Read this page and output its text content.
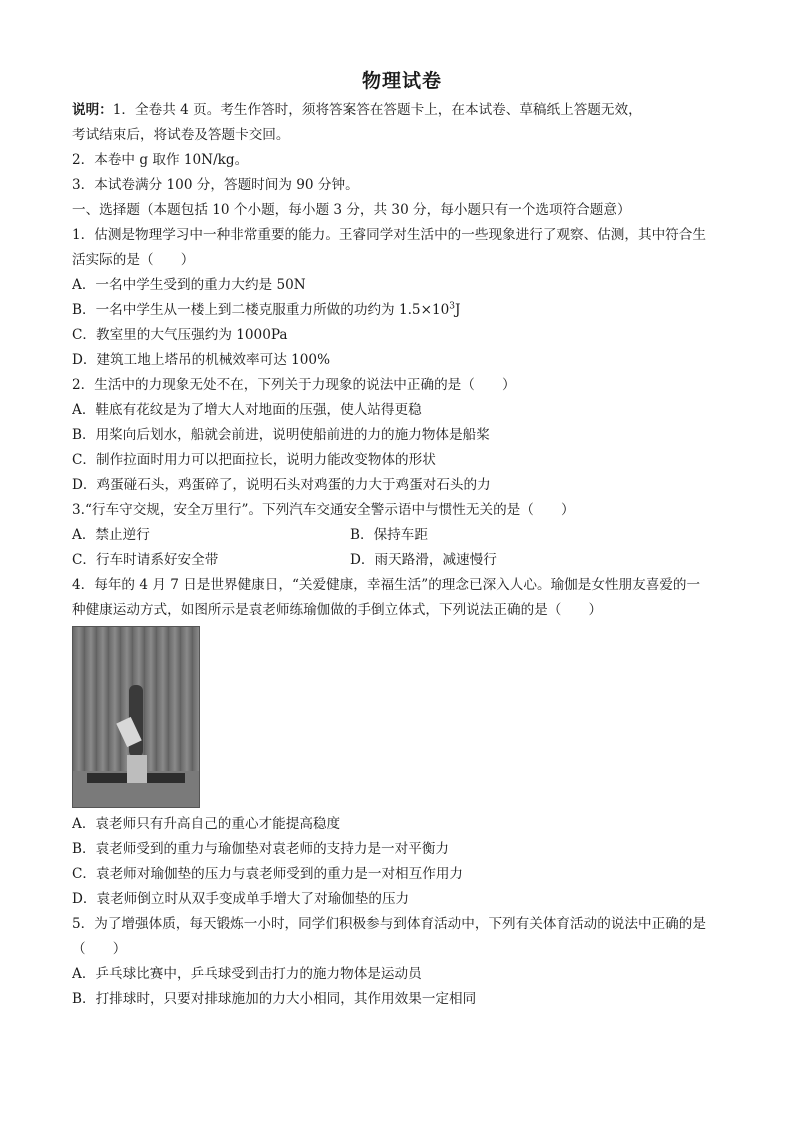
物理试卷
说明：1．全卷共 4 页。考生作答时，须将答案答在答题卡上，在本试卷、草稿纸上答题无效，
考试结束后，将试卷及答题卡交回。
2．本卷中 g 取作 10N/kg。
3．本试卷满分 100 分，答题时间为 90 分钟。
一、选择题（本题包括 10 个小题，每小题 3 分，共 30 分，每小题只有一个选项符合题意）
1．估测是物理学习中一种非常重要的能力。王睿同学对生活中的一些现象进行了观察、估测，其中符合生
活实际的是（　　）
A．一名中学生受到的重力大约是 50N
B．一名中学生从一楼上到二楼克服重力所做的功约为 $1.5\times 10^3J$
C．教室里的大气压强约为 1000Pa
D．建筑工地上塔吊的机械效率可达 100%
2．生活中的力现象无处不在，下列关于力现象的说法中正确的是（　　）
A．鞋底有花纹是为了增大人对地面的压强，使人站得更稳
B．用桨向后划水，船就会前进，说明使船前进的力的施力物体是船桨
C．制作拉面时用力可以把面拉长，说明力能改变物体的形状
D．鸡蛋碰石头，鸡蛋碎了，说明石头对鸡蛋的力大于鸡蛋对石头的力
3.“行车守交规，安全万里行”。下列汽车交通安全警示语中与惯性无关的是（　　）
A．禁止逆行	B．保持车距
C．行车时请系好安全带	D．雨天路滑，减速慢行
4．每年的 4 月 7 日是世界健康日，“关爱健康，幸福生活”的理念已深入人心。瑜伽是女性朋友喜爱的一
种健康运动方式，如图所示是袁老师练瑜伽做的手倒立体式，下列说法正确的是（　　）
A．袁老师只有升高自己的重心才能提高稳度
B．袁老师受到的重力与瑜伽垫对袁老师的支持力是一对平衡力
C．袁老师对瑜伽垫的压力与袁老师受到的重力是一对相互作用力
D．袁老师倒立时从双手变成单手增大了对瑜伽垫的压力
5．为了增强体质，每天锻炼一小时，同学们积极参与到体育活动中，下列有关体育活动的说法中正确的是
（　　）
A．乒乓球比赛中，乒乓球受到击打力的施力物体是运动员
B．打排球时，只要对排球施加的力大小相同，其作用效果一定相同
